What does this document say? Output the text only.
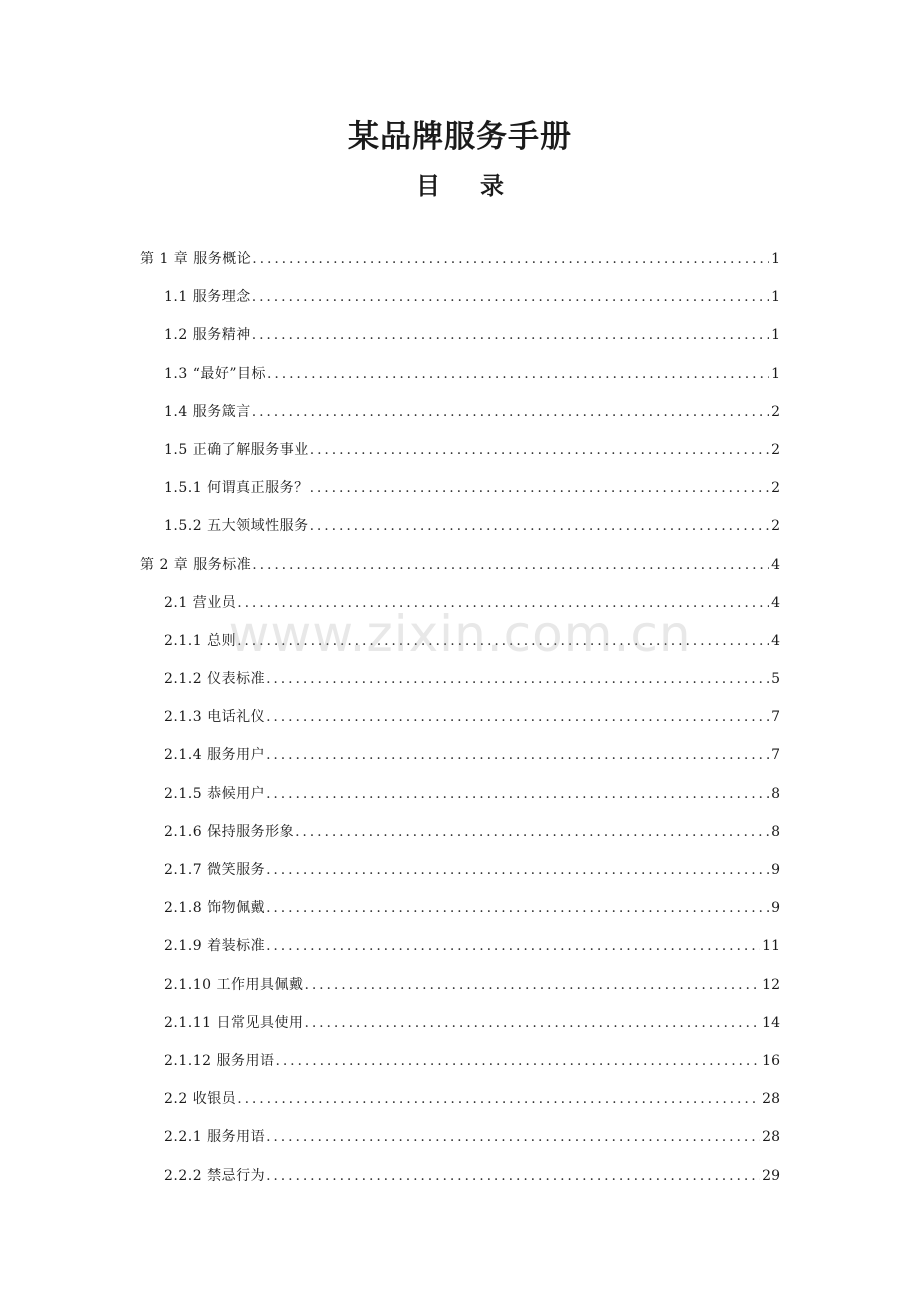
某品牌服务手册
目 录
第 1 章 服务概论 .....	1
1.1 服务理念 .....	1
1.2 服务精神 .....	1
1.3 “最好”目标 .....	1
1.4 服务箴言 .....	2
1.5 正确了解服务事业 .....	2
1.5.1 何谓真正服务？ .....	2
1.5.2 五大领域性服务 .....	2
第 2 章 服务标准 .....	4
2.1 营业员 .....	4
2.1.1 总则 .....	4
2.1.2 仪表标准 .....	5
2.1.3 电话礼仪 .....	7
2.1.4 服务用户 .....	7
2.1.5 恭候用户 .....	8
2.1.6 保持服务形象 .....	8
2.1.7 微笑服务 .....	9
2.1.8 饰物佩戴 .....	9
2.1.9 着装标准 .....	11
2.1.10 工作用具佩戴 .....	12
2.1.11 日常见具使用 .....	14
2.1.12 服务用语 .....	16
2.2 收银员 .....	28
2.2.1 服务用语 .....	28
2.2.2 禁忌行为 .....	29
www.zixin.com.cn
